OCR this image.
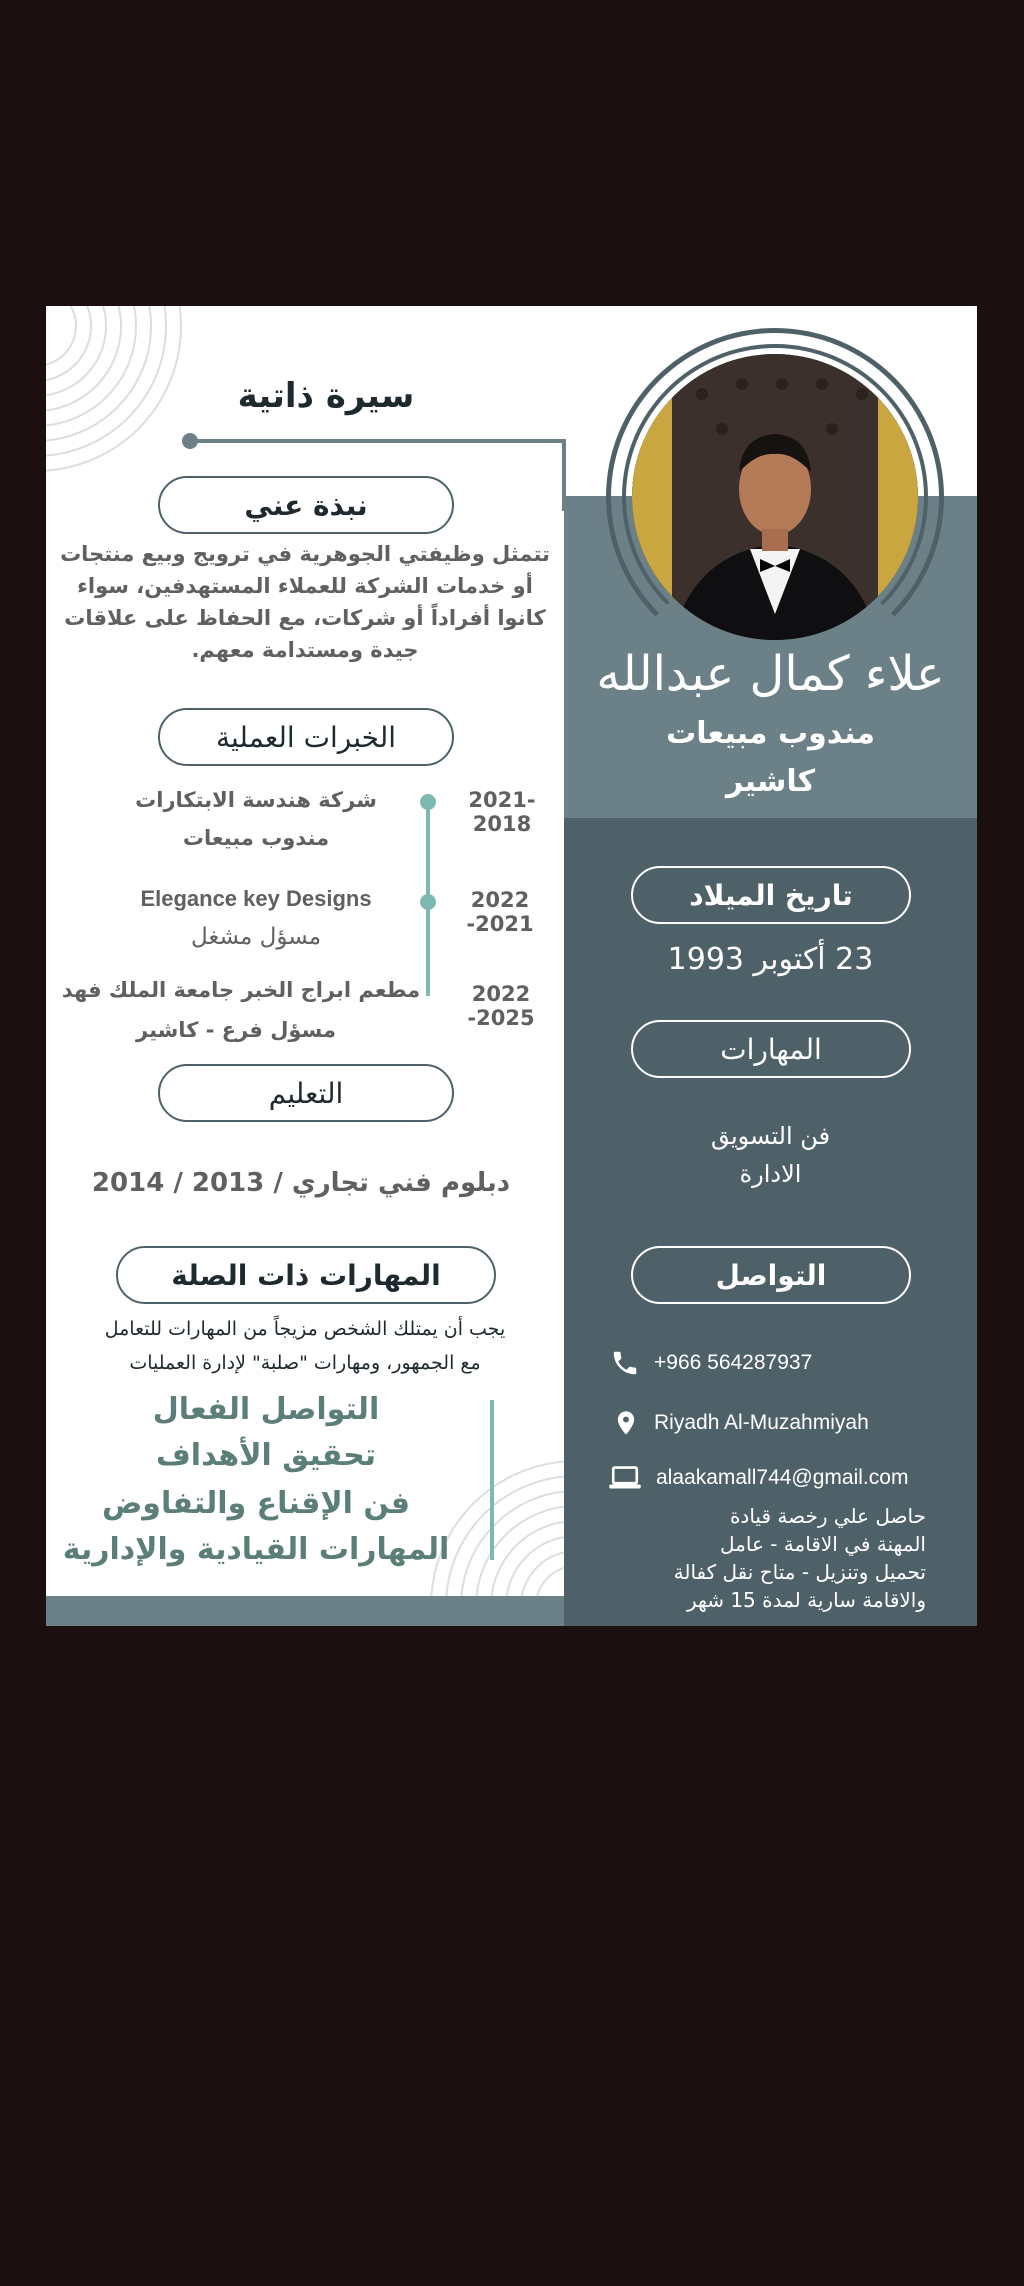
سيرة ذاتية
علاء كمال عبدالله
مندوب مبيعات
كاشير
نبذة عني
تتمثل وظيفتي الجوهرية في ترويج وبيع منتجات
أو خدمات الشركة للعملاء المستهدفين، سواء
كانوا أفراداً أو شركات، مع الحفاظ على علاقات
جيدة ومستدامة معهم.
الخبرات العملية
2021-2018
شركة هندسة الابتكارات
مندوب مبيعات
2022 -2021
Elegance key Designs
مسؤل مشغل
2022 -2025
مطعم ابراج الخبر جامعة الملك فهد
مسؤل فرع - كاشير
التعليم
دبلوم فني تجاري / 2013 / 2014
المهارات ذات الصلة
يجب أن يمتلك الشخص مزيجاً من المهارات للتعامل
مع الجمهور، ومهارات "صلبة" لإدارة العمليات
التواصل الفعال
تحقيق الأهداف
فن الإقناع والتفاوض
المهارات القيادية والإدارية
تاريخ الميلاد
23 أكتوبر 1993
المهارات
فن التسويق
الادارة
التواصل
+966 564287937
Riyadh Al-Muzahmiyah
alaakamall744@gmail.com
حاصل علي رخصة قيادة
المهنة في الاقامة - عامل
تحميل وتنزيل - متاح نقل كفالة
والاقامة سارية لمدة 15 شهر
